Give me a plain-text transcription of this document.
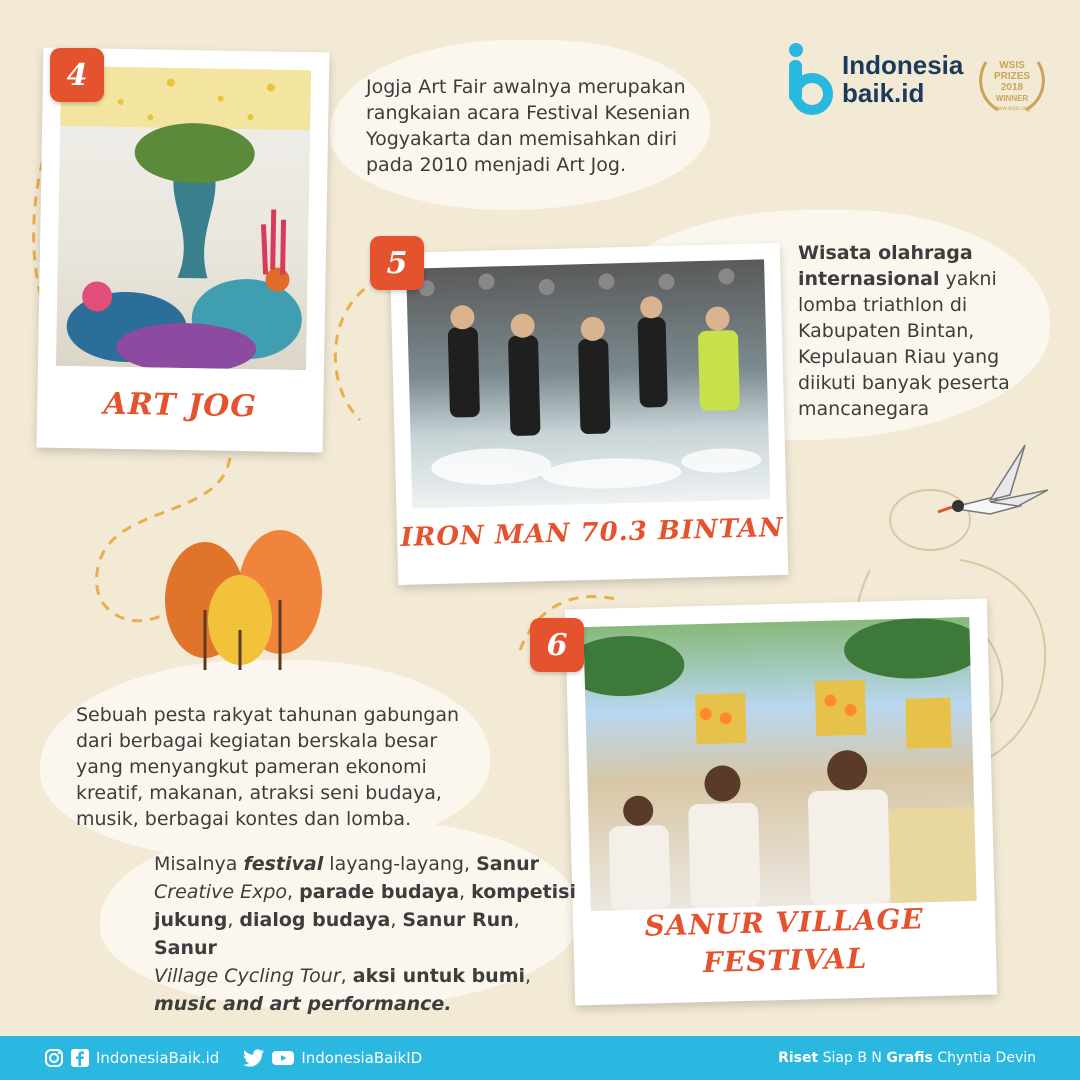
Indonesia
baik.id
WSIS
PRIZES
2018
WINNER
www.wsis.org
ART JOG
4	Jogja Art Fair awalnya merupakan
rangkaian acara Festival Kesenian
Yogyakarta dan memisahkan diri
pada 2010 menjadi Art Jog.
IRON MAN 70.3 BINTAN
5	Wisata olahraga
internasional yakni
lomba triathlon di
Kabupaten Bintan,
Kepulauan Riau yang
diikuti banyak peserta
mancanegara
SANUR VILLAGE
FESTIVAL
6
Sebuah pesta rakyat tahunan gabungan
dari berbagai kegiatan berskala besar
yang menyangkut pameran ekonomi
kreatif, makanan, atraksi seni budaya,
musik, berbagai kontes dan lomba.
Misalnya festival layang-layang, Sanur
Creative Expo, parade budaya, kompetisi
jukung, dialog budaya, Sanur Run, Sanur
Village Cycling Tour, aksi untuk bumi,
music and art performance.
IndonesiaBaik.id	IndonesiaBaikID	Riset Siap B N Grafis Chyntia Devin
